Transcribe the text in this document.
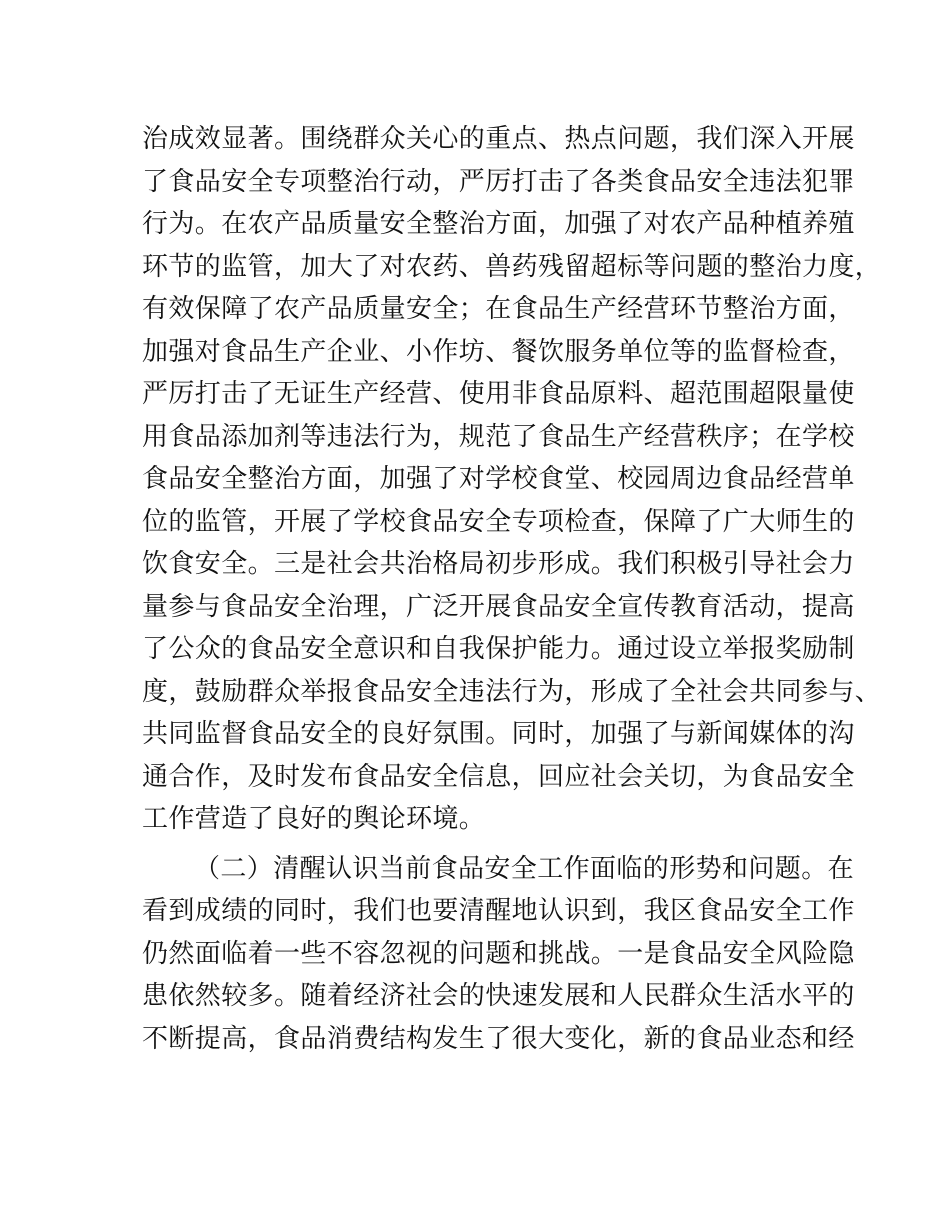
治成效显著。围绕群众关心的重点、热点问题，我们深入开展
了食品安全专项整治行动，严厉打击了各类食品安全违法犯罪
行为。在农产品质量安全整治方面，加强了对农产品种植养殖
环节的监管，加大了对农药、兽药残留超标等问题的整治力度，
有效保障了农产品质量安全；在食品生产经营环节整治方面，
加强对食品生产企业、小作坊、餐饮服务单位等的监督检查，
严厉打击了无证生产经营、使用非食品原料、超范围超限量使
用食品添加剂等违法行为，规范了食品生产经营秩序；在学校
食品安全整治方面，加强了对学校食堂、校园周边食品经营单
位的监管，开展了学校食品安全专项检查，保障了广大师生的
饮食安全。三是社会共治格局初步形成。我们积极引导社会力
量参与食品安全治理，广泛开展食品安全宣传教育活动，提高
了公众的食品安全意识和自我保护能力。通过设立举报奖励制
度，鼓励群众举报食品安全违法行为，形成了全社会共同参与、
共同监督食品安全的良好氛围。同时，加强了与新闻媒体的沟
通合作，及时发布食品安全信息，回应社会关切，为食品安全
工作营造了良好的舆论环境。
（二）清醒认识当前食品安全工作面临的形势和问题。在
看到成绩的同时，我们也要清醒地认识到，我区食品安全工作
仍然面临着一些不容忽视的问题和挑战。一是食品安全风险隐
患依然较多。随着经济社会的快速发展和人民群众生活水平的
不断提高，食品消费结构发生了很大变化，新的食品业态和经
